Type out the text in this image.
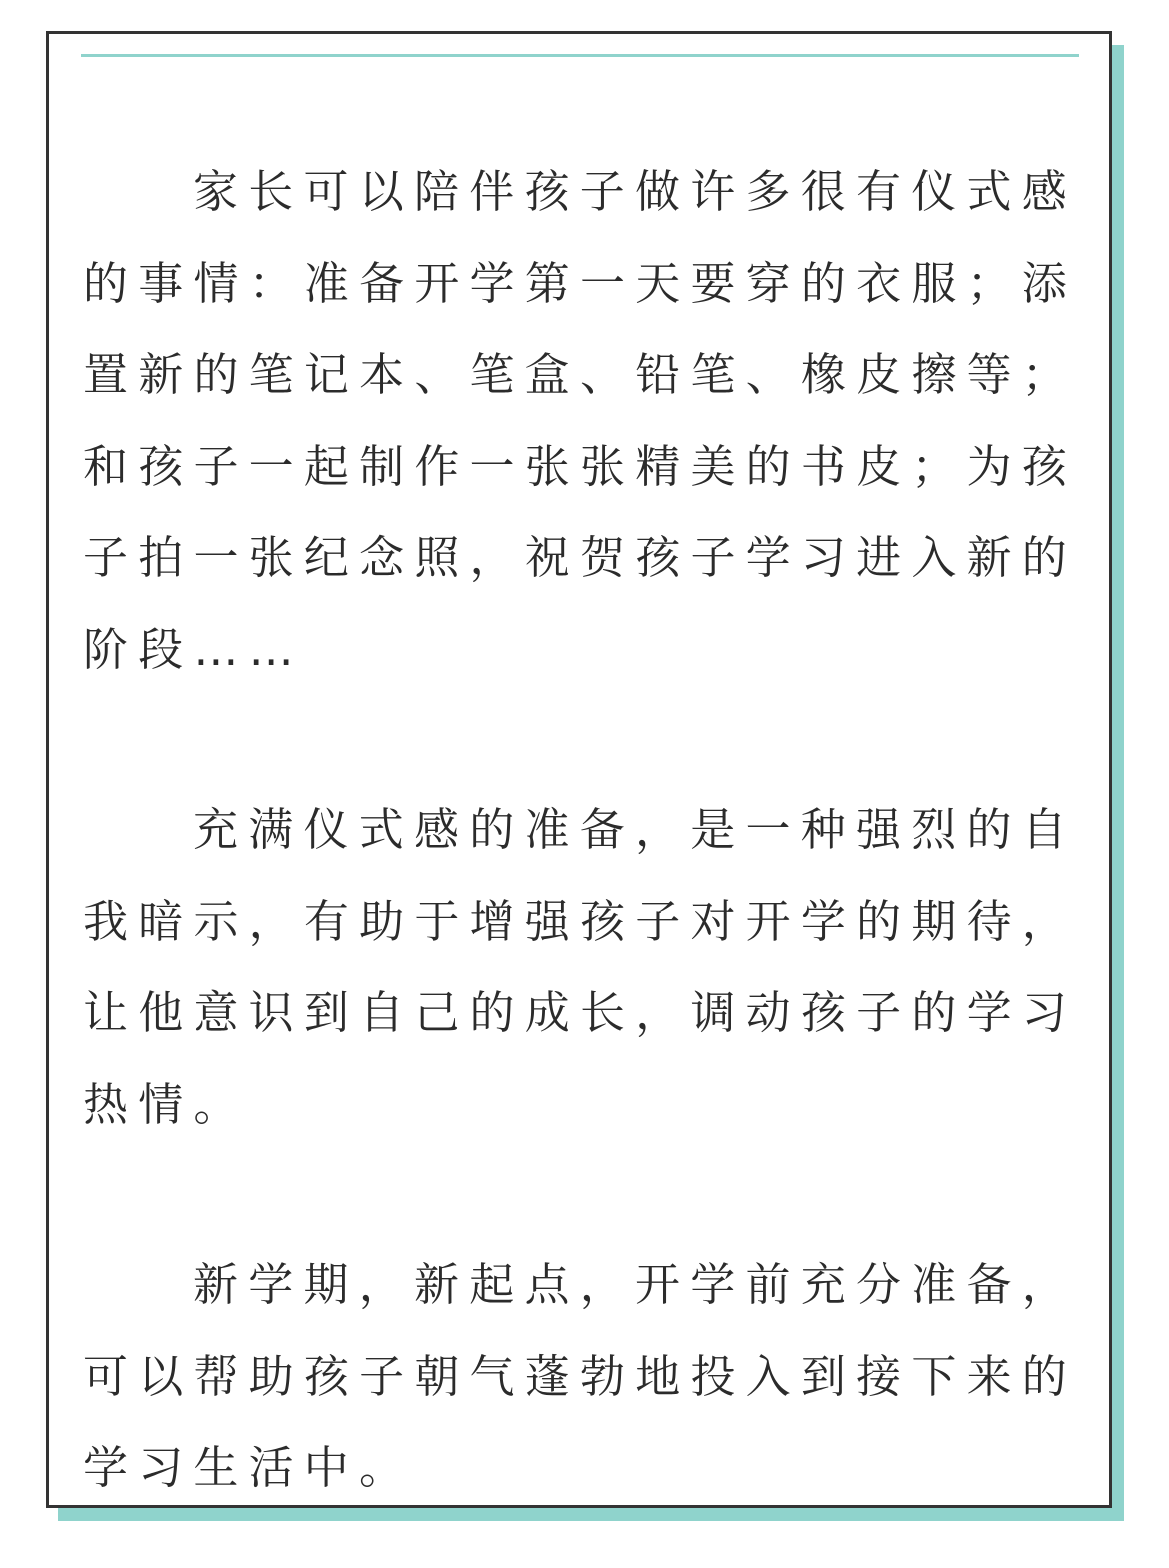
家长可以陪伴孩子做许多很有仪式感的事情：准备开学第一天要穿的衣服；添置新的笔记本、笔盒、铅笔、橡皮擦等；和孩子一起制作一张张精美的书皮；为孩子拍一张纪念照，祝贺孩子学习进入新的阶段……

充满仪式感的准备，是一种强烈的自我暗示，有助于增强孩子对开学的期待，让他意识到自己的成长，调动孩子的学习热情。

新学期，新起点，开学前充分准备，可以帮助孩子朝气蓬勃地投入到接下来的学习生活中。
